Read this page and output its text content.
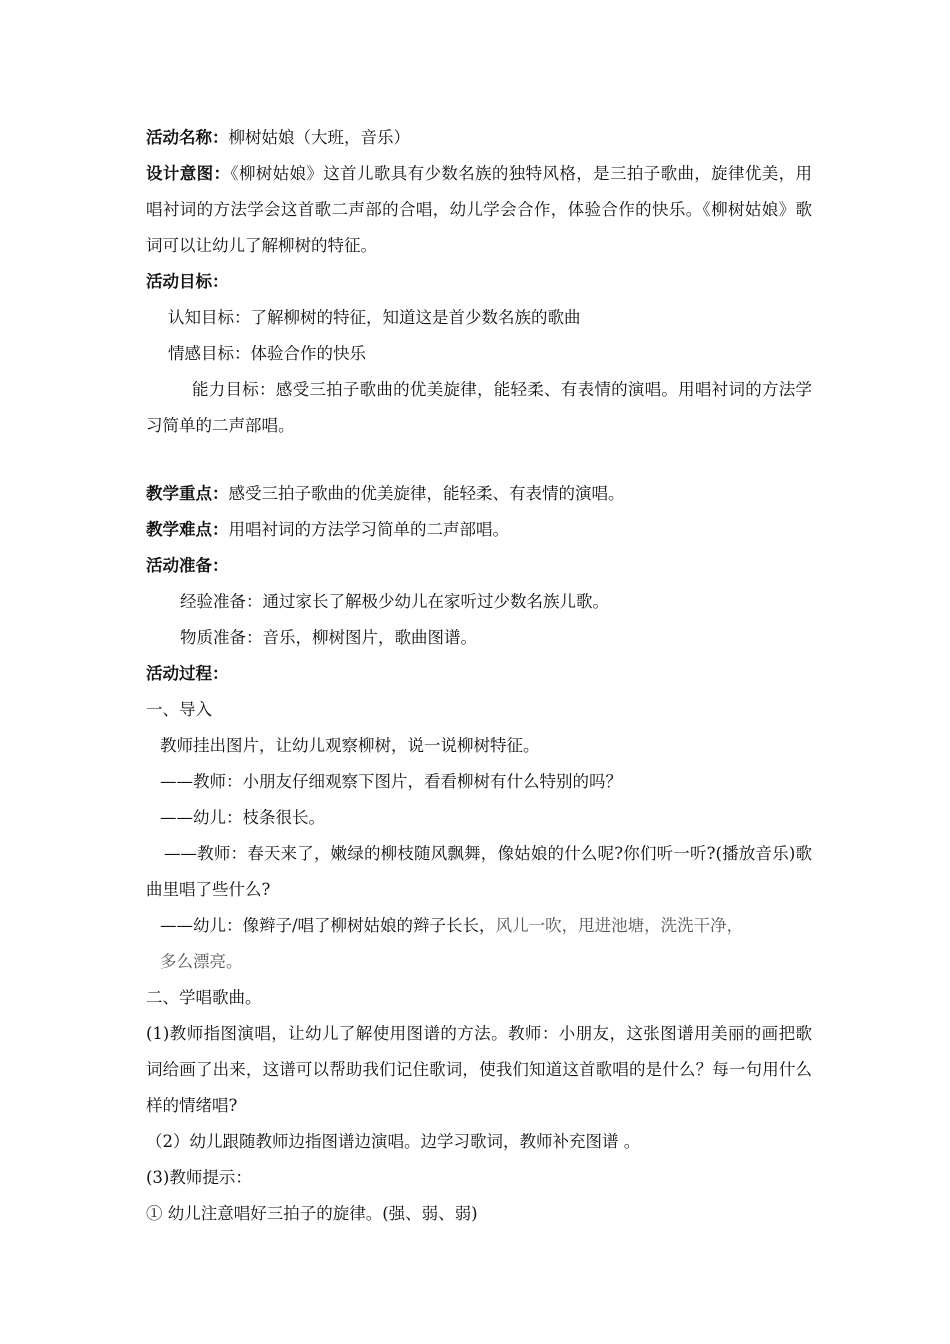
活动名称：柳树姑娘（大班，音乐）
设计意图：《柳树姑娘》这首儿歌具有少数名族的独特风格，是三拍子歌曲，旋律优美，用唱衬词的方法学会这首歌二声部的合唱，幼儿学会合作，体验合作的快乐。《柳树姑娘》歌词可以让幼儿了解柳树的特征。
活动目标：
认知目标：了解柳树的特征，知道这是首少数名族的歌曲
情感目标：体验合作的快乐
能力目标：感受三拍子歌曲的优美旋律，能轻柔、有表情的演唱。用唱衬词的方法学习简单的二声部唱。
教学重点：感受三拍子歌曲的优美旋律，能轻柔、有表情的演唱。
教学难点：用唱衬词的方法学习简单的二声部唱。
活动准备：
经验准备：通过家长了解极少幼儿在家听过少数名族儿歌。
物质准备：音乐，柳树图片，歌曲图谱。
活动过程：
一、导入
教师挂出图片，让幼儿观察柳树，说一说柳树特征。
——教师：小朋友仔细观察下图片，看看柳树有什么特别的吗？
——幼儿：枝条很长。
——教师：春天来了，嫩绿的柳枝随风飘舞，像姑娘的什么呢?你们听一听?(播放音乐)歌曲里唱了些什么?
——幼儿：像辫子/唱了柳树姑娘的辫子长长，风儿一吹，甩进池塘，洗洗干净，
多么漂亮。
二、学唱歌曲。
(1)教师指图演唱，让幼儿了解使用图谱的方法。教师：小朋友，这张图谱用美丽的画把歌词给画了出来，这谱可以帮助我们记住歌词，使我们知道这首歌唱的是什么？每一句用什么样的情绪唱?
（2）幼儿跟随教师边指图谱边演唱。边学习歌词，教师补充图谱 。
(3)教师提示：
① 幼儿注意唱好三拍子的旋律。(强、弱、弱)
